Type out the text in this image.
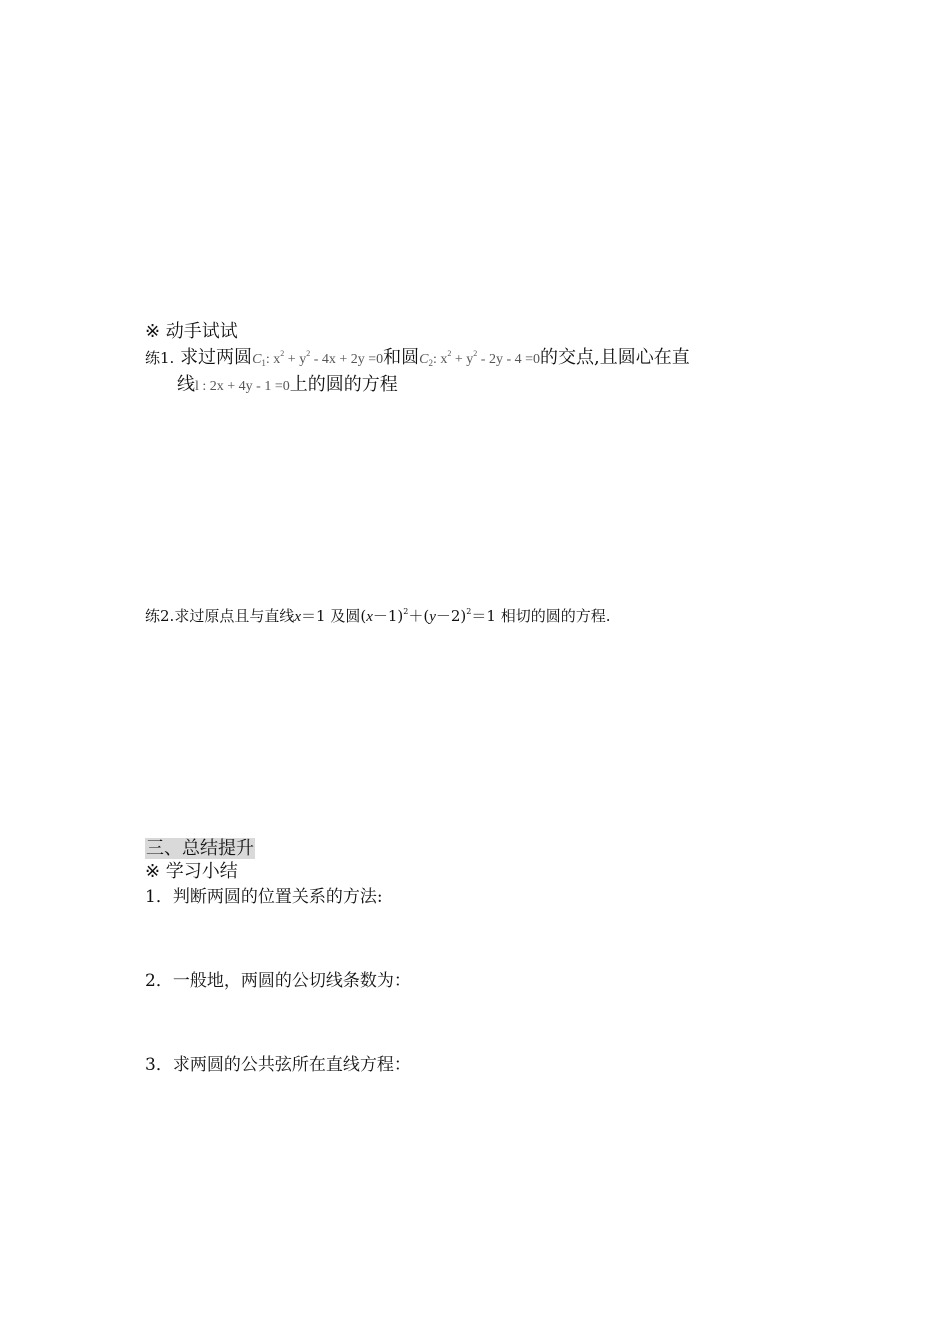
※ 动手试试
练1. 求过两圆$C_1$: $x^2 + y^2 - 4x + 2y =0$和圆$C_2$: $x^2 + y^2 - 2y - 4 =0$的交点,且圆心在直
线l : 2x + 4y - 1 =0上的圆的方程
练2.求过原点且与直线x＝1 及圆$(x-1)^2+(y-2)^2=1$ 相切的圆的方程.
三、总结提升
※ 学习小结
1．判断两圆的位置关系的方法:
2．一般地，两圆的公切线条数为：
3．求两圆的公共弦所在直线方程：
